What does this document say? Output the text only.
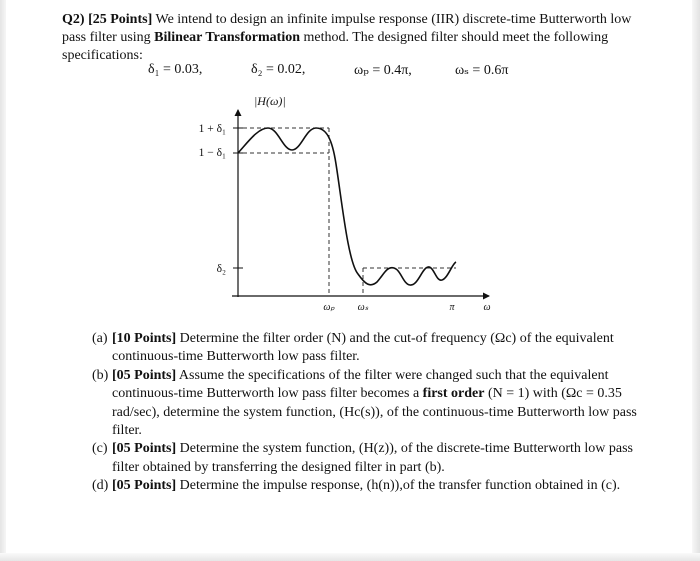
Q2) [25 Points] We intend to design an infinite impulse response (IIR) discrete-time Butterworth low pass filter using Bilinear Transformation method. The designed filter should meet the following specifications:
δ₁ = 0.03,	δ₂ = 0.02,	ωₚ = 0.4π,	ωₛ = 0.6π
|H(ω)|
1 + δ₁
1 − δ₁
δ₂
ωₚ ωₛ	π	ω

(a) [10 Points] Determine the filter order (N) and the cut-of frequency (Ωc) of the equivalent continuous-time Butterworth low pass filter.

(b) [05 Points] Assume the specifications of the filter were changed such that the equivalent continuous-time Butterworth low pass filter becomes a first order (N = 1) with (Ωc = 0.35 rad/sec), determine the system function, (Hc(s)), of the continuous-time Butterworth low pass filter.

(c) [05 Points] Determine the system function, (H(z)), of the discrete-time Butterworth low pass filter obtained by transferring the designed filter in part (b).

(d) [05 Points] Determine the impulse response, (h(n)),of the transfer function obtained in (c).
